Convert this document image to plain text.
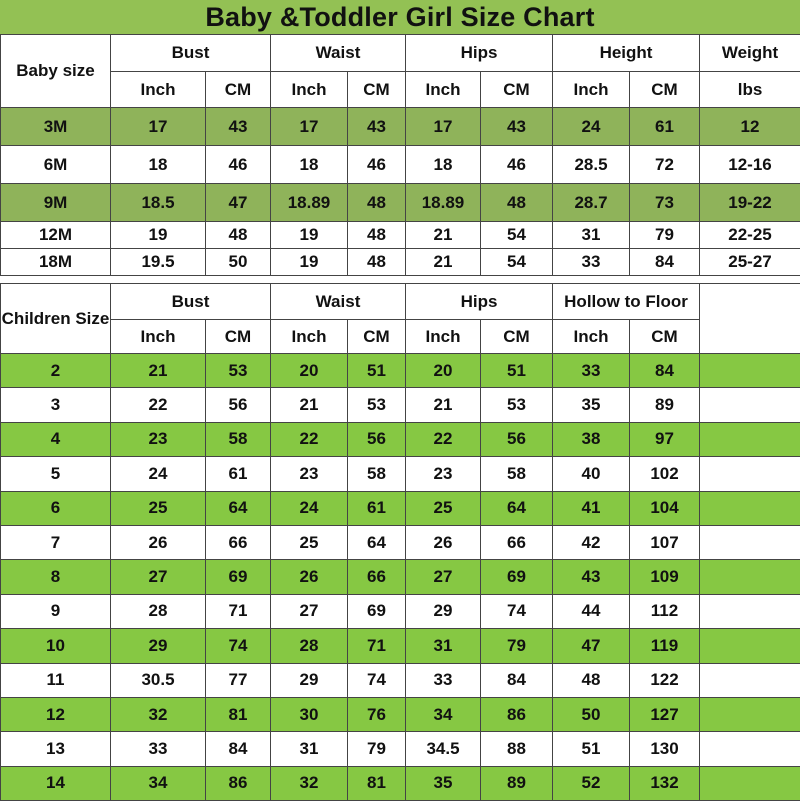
Baby &Toddler Girl Size Chart
Baby size	Bust		Waist		Hips		Height		Weight
	Inch	CM	Inch	CM	Inch	CM	Inch	CM	lbs
3M	17	43	17	43	17	43	24	61	12
6M	18	46	18	46	18	46	28.5	72	12-16
9M	18.5	47	18.89	48	18.89	48	28.7	73	19-22
12M	19	48	19	48	21	54	31	79	22-25
18M	19.5	50	19	48	21	54	33	84	25-27
Children Size	Bust		Waist		Hips		Hollow to Floor		
	Inch	CM	Inch	CM	Inch	CM	Inch	CM	
2	21	53	20	51	20	51	33	84	
3	22	56	21	53	21	53	35	89	
4	23	58	22	56	22	56	38	97	
5	24	61	23	58	23	58	40	102	
6	25	64	24	61	25	64	41	104	
7	26	66	25	64	26	66	42	107	
8	27	69	26	66	27	69	43	109	
9	28	71	27	69	29	74	44	112	
10	29	74	28	71	31	79	47	119	
11	30.5	77	29	74	33	84	48	122	
12	32	81	30	76	34	86	50	127	
13	33	84	31	79	34.5	88	51	130	
14	34	86	32	81	35	89	52	132	
